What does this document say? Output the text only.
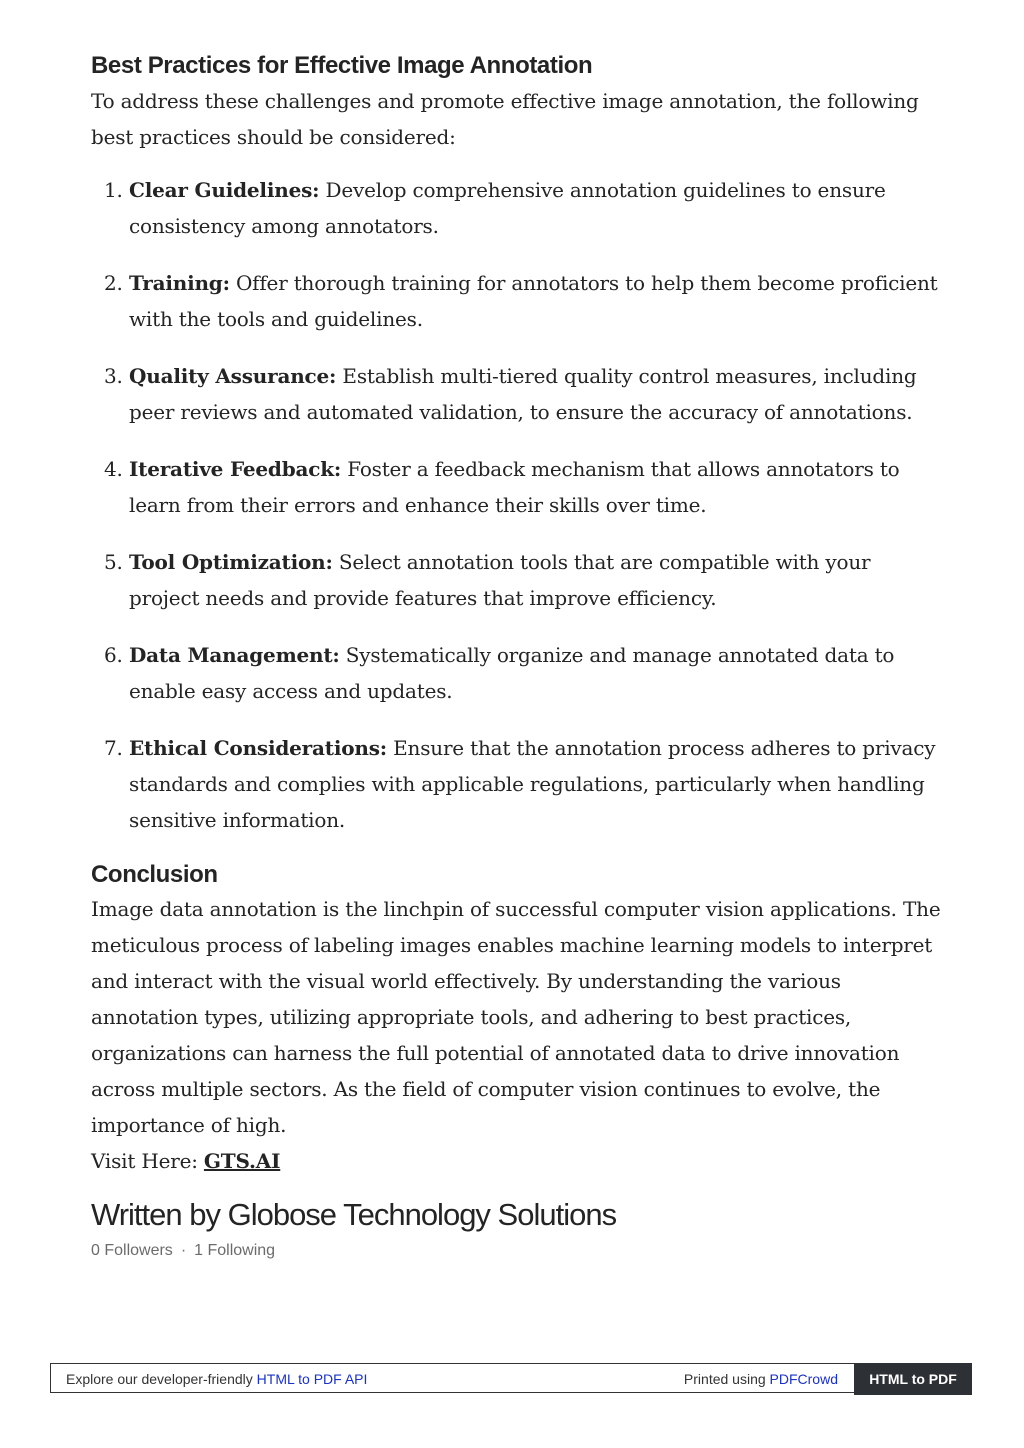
Best Practices for Effective Image Annotation

To address these challenges and promote effective image annotation, the following best practices should be considered:

1. Clear Guidelines: Develop comprehensive annotation guidelines to ensure consistency among annotators.
2. Training: Offer thorough training for annotators to help them become proficient with the tools and guidelines.
3. Quality Assurance: Establish multi-tiered quality control measures, including peer reviews and automated validation, to ensure the accuracy of annotations.
4. Iterative Feedback: Foster a feedback mechanism that allows annotators to learn from their errors and enhance their skills over time.
5. Tool Optimization: Select annotation tools that are compatible with your project needs and provide features that improve efficiency.
6. Data Management: Systematically organize and manage annotated data to enable easy access and updates.
7. Ethical Considerations: Ensure that the annotation process adheres to privacy standards and complies with applicable regulations, particularly when handling sensitive information.
Conclusion

Image data annotation is the linchpin of successful computer vision applications. The meticulous process of labeling images enables machine learning models to interpret and interact with the visual world effectively. By understanding the various annotation types, utilizing appropriate tools, and adhering to best practices, organizations can harness the full potential of annotated data to drive innovation across multiple sectors. As the field of computer vision continues to evolve, the importance of high.

Visit Here: GTS.AI

Written by Globose Technology Solutions
0 Followers · 1 Following
Explore our developer-friendly HTML to PDF API	Printed using PDFCrowd	HTML to PDF
